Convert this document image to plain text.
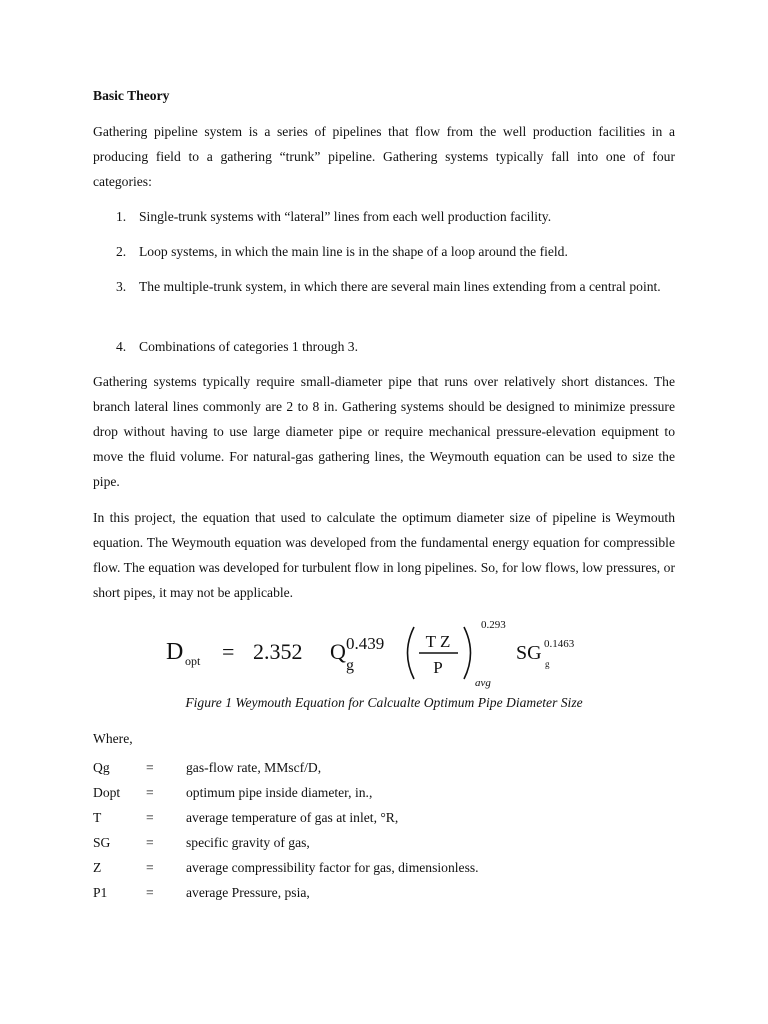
Basic Theory

Gathering pipeline system is a series of pipelines that flow from the well production facilities in a producing field to a gathering “trunk” pipeline. Gathering systems typically fall into one of four categories:

1. Single-trunk systems with “lateral” lines from each well production facility.
2. Loop systems, in which the main line is in the shape of a loop around the field.
3. The multiple-trunk system, in which there are several main lines extending from a central point.
4. Combinations of categories 1 through 3.

Gathering systems typically require small-diameter pipe that runs over relatively short distances. The branch lateral lines commonly are 2 to 8 in. Gathering systems should be designed to minimize pressure drop without having to use large diameter pipe or require mechanical pressure-elevation equipment to move the fluid volume. For natural-gas gathering lines, the Weymouth equation can be used to size the pipe.

In this project, the equation that used to calculate the optimum diameter size of pipeline is Weymouth equation. The Weymouth equation was developed from the fundamental energy equation for compressible flow. The equation was developed for turbulent flow in long pipelines. So, for low flows, low pressures, or short pipes, it may not be applicable.

D opt = 2.352 Q 0.439
g
T Z
P
0.293
avg
SG 0.1463
g
Figure 1 Weymouth Equation for Calcualte Optimum Pipe Diameter Size
Where,
Qg	= gas-flow rate, MMscf/D,
Dopt = optimum pipe inside diameter, in.,
T	= average temperature of gas at inlet, °R,
SG	= specific gravity of gas,
Z	= average compressibility factor for gas, dimensionless.
P1	= average Pressure, psia,
